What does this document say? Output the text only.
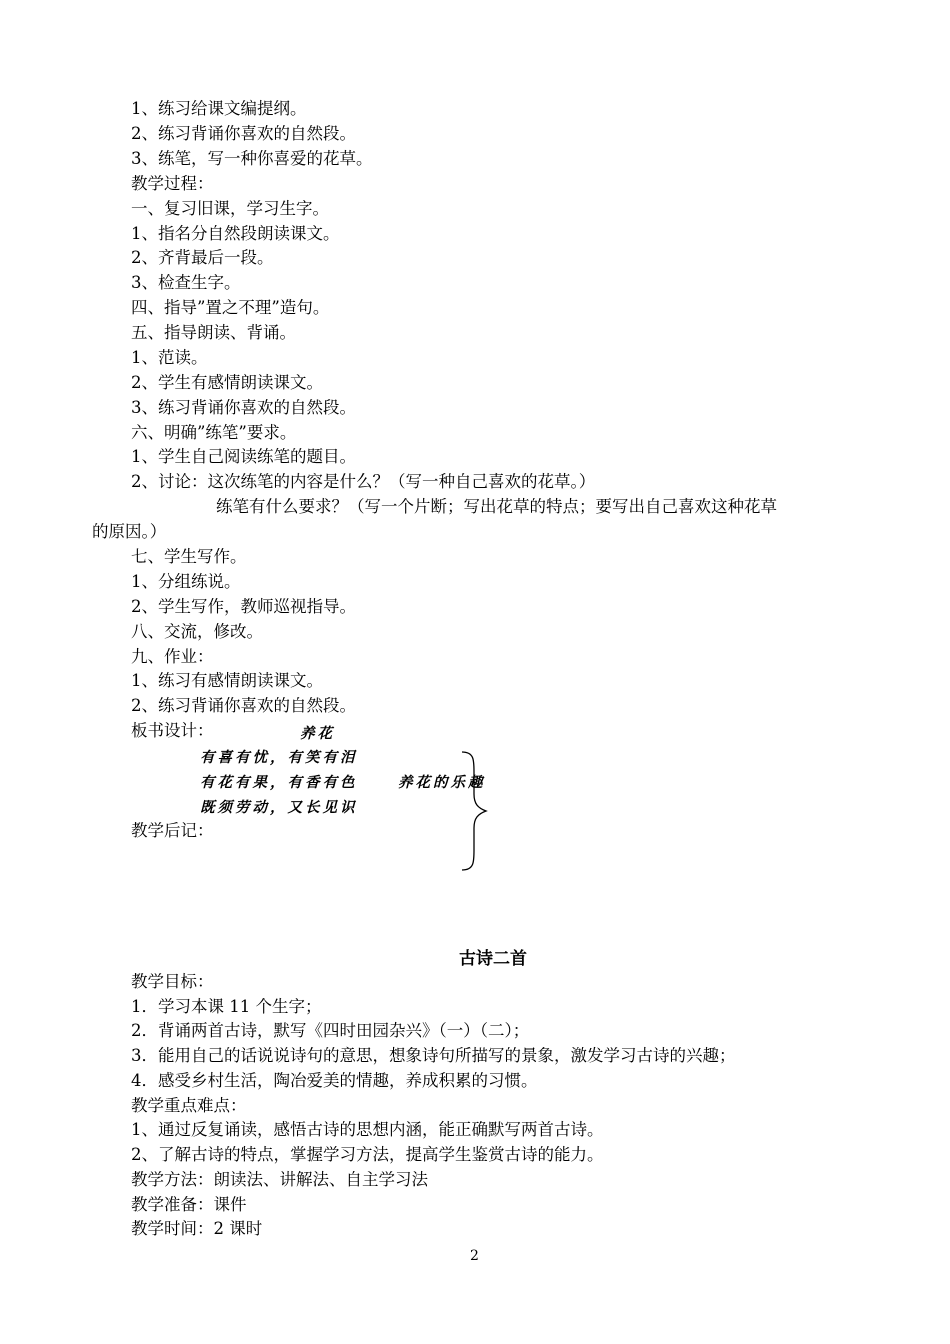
1、练习给课文编提纲。
2、练习背诵你喜欢的自然段。
3、练笔，写一种你喜爱的花草。
教学过程：
一、复习旧课，学习生字。
1、指名分自然段朗读课文。
2、齐背最后一段。
3、检查生字。
四、指导”置之不理”造句。
五、指导朗读、背诵。
1、范读。
2、学生有感情朗读课文。
3、练习背诵你喜欢的自然段。
六、明确”练笔”要求。
1、学生自己阅读练笔的题目。
2、讨论：这次练笔的内容是什么？（写一种自己喜欢的花草。）
练笔有什么要求？（写一个片断；写出花草的特点；要写出自己喜欢这种花草
的原因。）
七、学生写作。
1、分组练说。
2、学生写作，教师巡视指导。
八、交流，修改。
九、作业：
1、练习有感情朗读课文。
2、练习背诵你喜欢的自然段。
板书设计：	养花
有喜有忧，有笑有泪
有花有果，有香有色
既须劳动，又长见识
养花的乐趣
教学后记：
古诗二首
教学目标：
1．学习本课 11 个生字；
2．背诵两首古诗，默写《四时田园杂兴》（一）（二）；
3．能用自己的话说说诗句的意思，想象诗句所描写的景象，激发学习古诗的兴趣；
4．感受乡村生活，陶冶爱美的情趣，养成积累的习惯。
教学重点难点：
1、通过反复诵读，感悟古诗的思想内涵，能正确默写两首古诗。
2、了解古诗的特点，掌握学习方法，提高学生鉴赏古诗的能力。
教学方法：朗读法、讲解法、自主学习法
教学准备：课件
教学时间：2 课时
2
